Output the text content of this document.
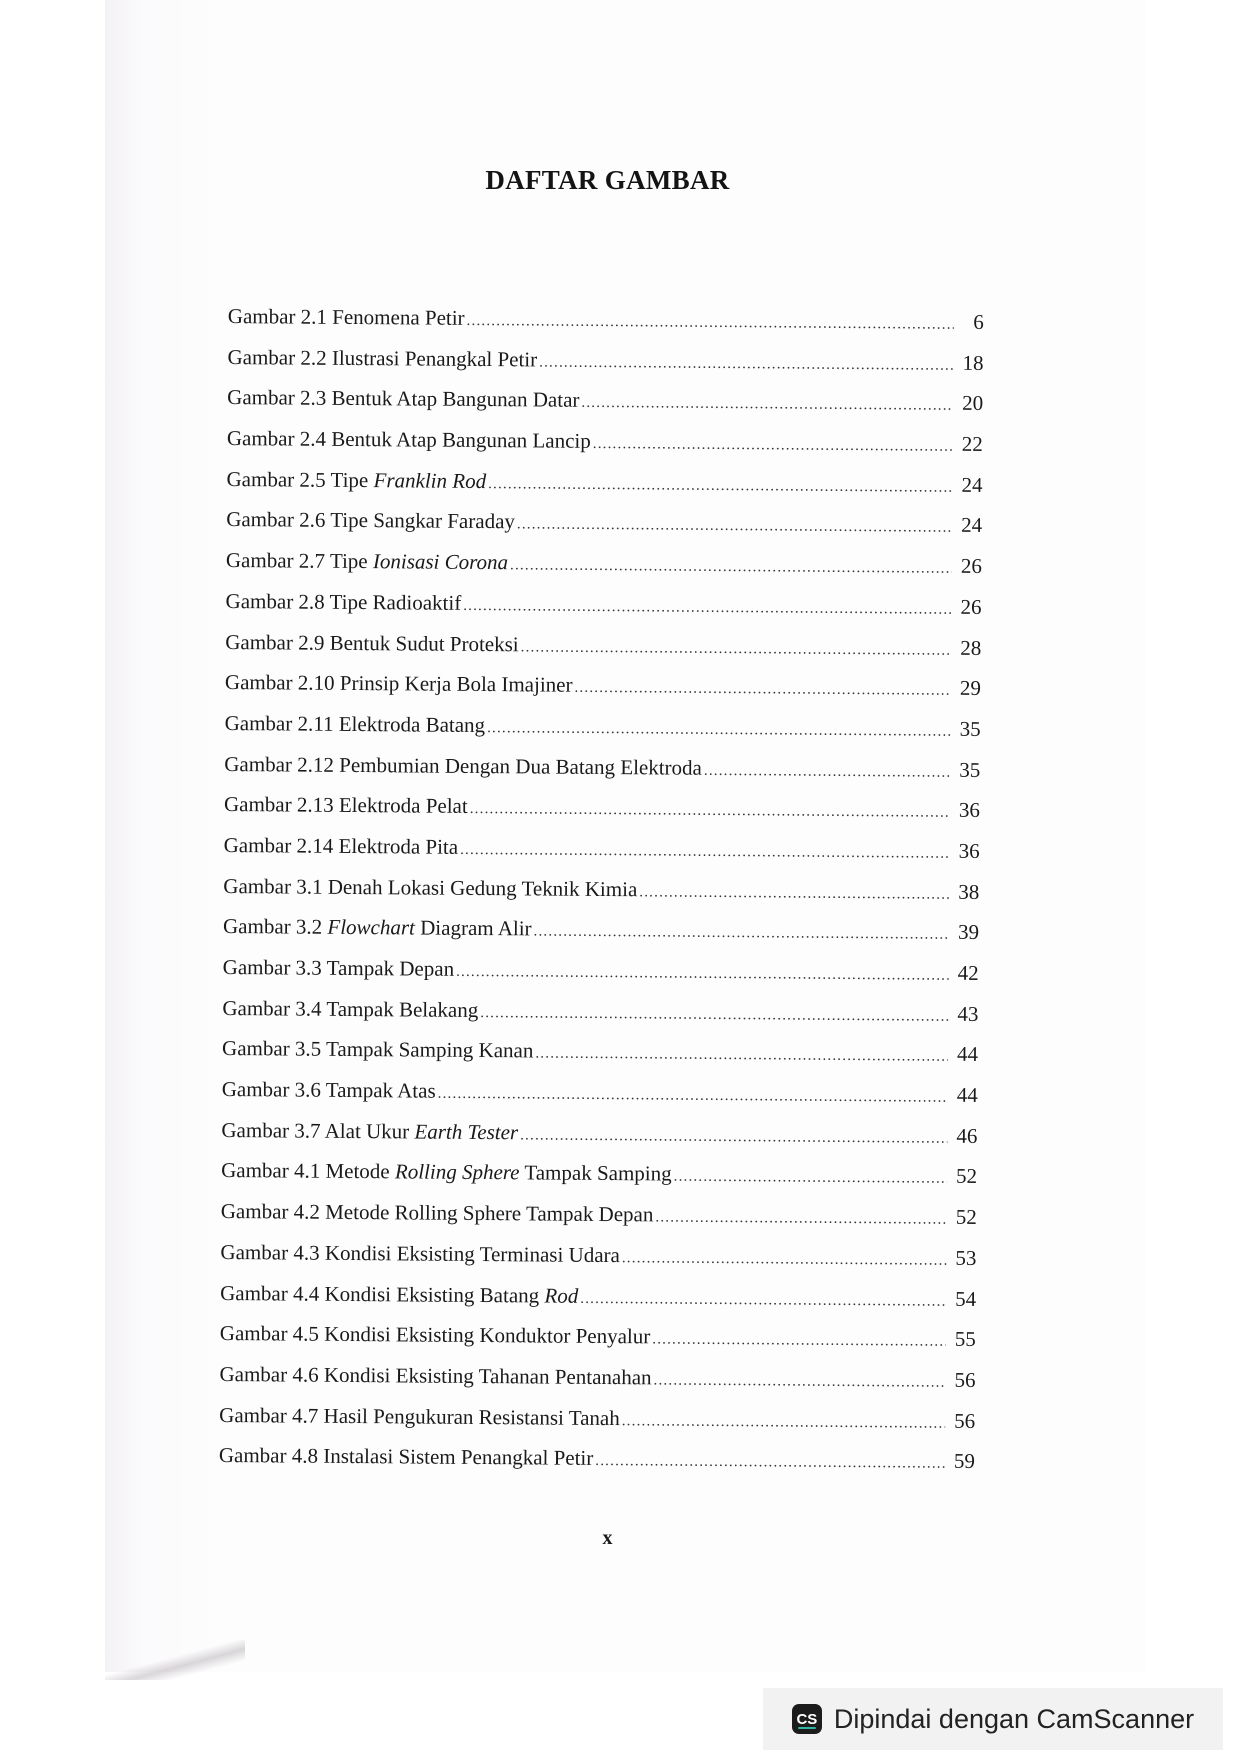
DAFTAR GAMBAR
Gambar 2.1 Fenomena Petir .....	6
Gambar 2.2 Ilustrasi Penangkal Petir .....	18
Gambar 2.3 Bentuk Atap Bangunan Datar .....	20
Gambar 2.4 Bentuk Atap Bangunan Lancip .....	22
Gambar 2.5 Tipe Franklin Rod .....	24
Gambar 2.6 Tipe Sangkar Faraday .....	24
Gambar 2.7 Tipe Ionisasi Corona .....	26
Gambar 2.8 Tipe Radioaktif .....	26
Gambar 2.9 Bentuk Sudut Proteksi .....	28
Gambar 2.10 Prinsip Kerja Bola Imajiner .....	29
Gambar 2.11 Elektroda Batang .....	35
Gambar 2.12 Pembumian Dengan Dua Batang Elektroda .....	35
Gambar 2.13 Elektroda Pelat .....	36
Gambar 2.14 Elektroda Pita .....	36
Gambar 3.1 Denah Lokasi Gedung Teknik Kimia .....	38
Gambar 3.2 Flowchart Diagram Alir .....	39
Gambar 3.3 Tampak Depan .....	42
Gambar 3.4 Tampak Belakang .....	43
Gambar 3.5 Tampak Samping Kanan .....	44
Gambar 3.6 Tampak Atas .....	44
Gambar 3.7 Alat Ukur Earth Tester .....	46
Gambar 4.1 Metode Rolling Sphere Tampak Samping .....	52
Gambar 4.2 Metode Rolling Sphere Tampak Depan .....	52
Gambar 4.3 Kondisi Eksisting Terminasi Udara .....	53
Gambar 4.4 Kondisi Eksisting Batang Rod .....	54
Gambar 4.5 Kondisi Eksisting Konduktor Penyalur .....	55
Gambar 4.6 Kondisi Eksisting Tahanan Pentanahan .....	56
Gambar 4.7 Hasil Pengukuran Resistansi Tanah .....	56
Gambar 4.8 Instalasi Sistem Penangkal Petir .....	59
x
CS Dipindai dengan CamScanner
